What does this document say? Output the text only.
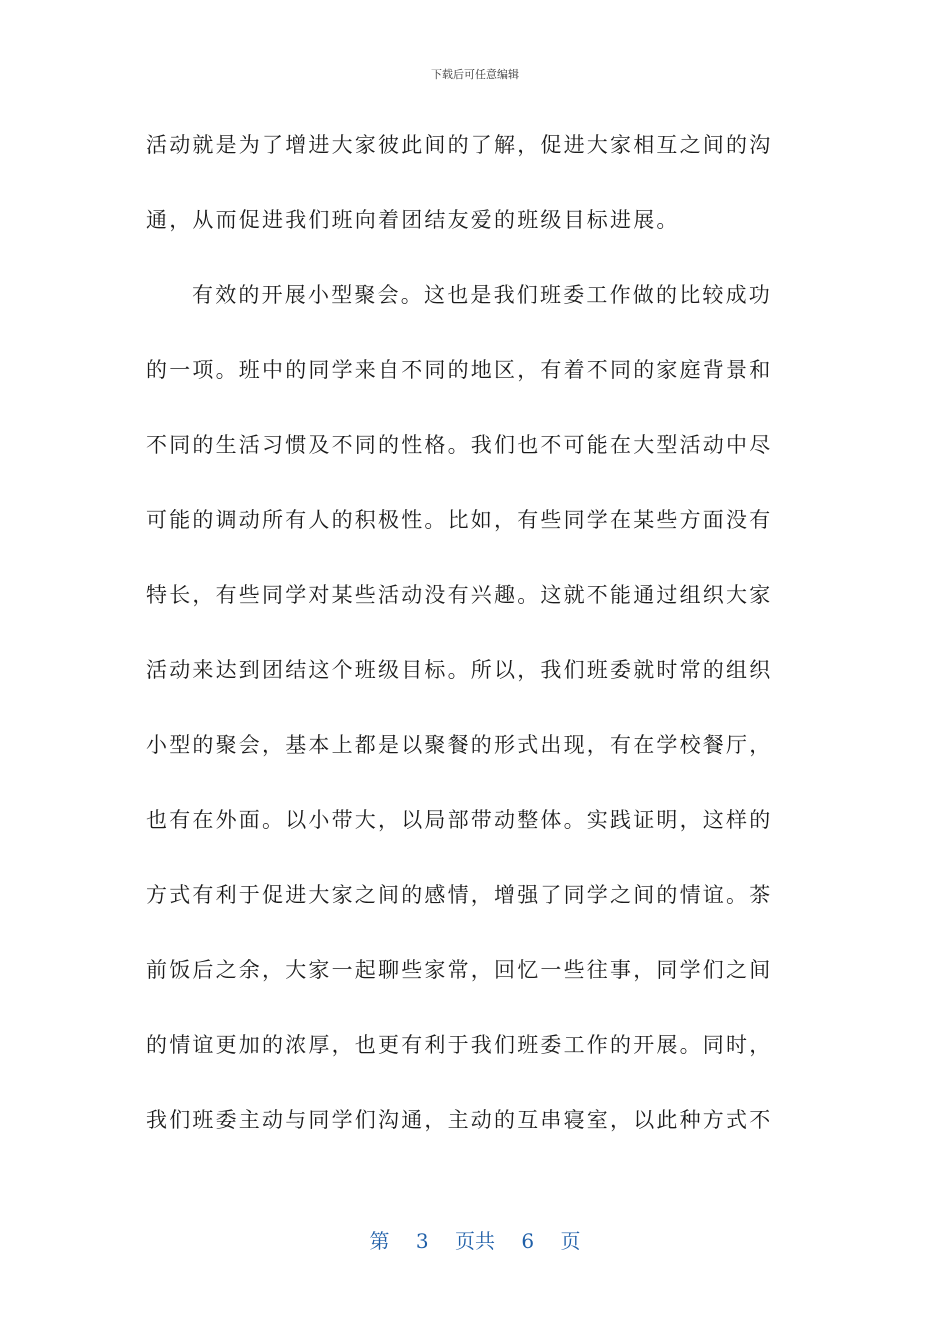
下载后可任意编辑
活动就是为了增进大家彼此间的了解，促进大家相互之间的沟
通，从而促进我们班向着团结友爱的班级目标进展。
有效的开展小型聚会。这也是我们班委工作做的比较成功
的一项。班中的同学来自不同的地区，有着不同的家庭背景和
不同的生活习惯及不同的性格。我们也不可能在大型活动中尽
可能的调动所有人的积极性。比如，有些同学在某些方面没有
特长，有些同学对某些活动没有兴趣。这就不能通过组织大家
活动来达到团结这个班级目标。所以，我们班委就时常的组织
小型的聚会，基本上都是以聚餐的形式出现，有在学校餐厅，
也有在外面。以小带大，以局部带动整体。实践证明，这样的
方式有利于促进大家之间的感情，增强了同学之间的情谊。茶
前饭后之余，大家一起聊些家常，回忆一些往事，同学们之间
的情谊更加的浓厚，也更有利于我们班委工作的开展。同时，
我们班委主动与同学们沟通，主动的互串寝室，以此种方式不
第 3 页共 6 页
